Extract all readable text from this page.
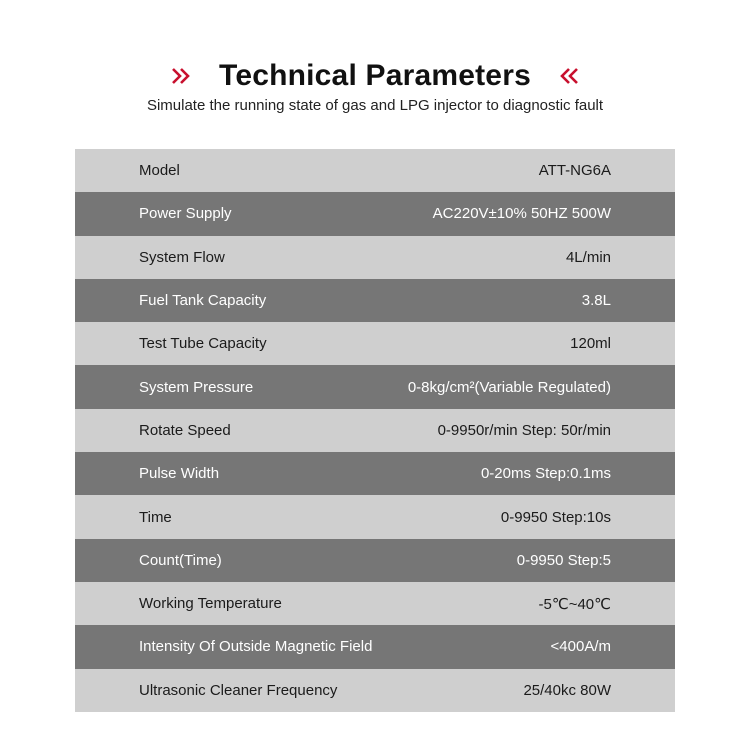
Technical Parameters
Simulate the running state of gas and LPG injector to diagnostic fault
Model	ATT-NG6A
Power Supply	AC220V±10% 50HZ 500W
System Flow	4L/min
Fuel Tank Capacity	3.8L
Test Tube Capacity	120ml
System Pressure	0-8kg/cm²(Variable Regulated)
Rotate Speed	0-9950r/min Step: 50r/min
Pulse Width	0-20ms Step:0.1ms
Time	0-9950 Step:10s
Count(Time)	0-9950 Step:5
Working Temperature	-5℃~40℃
Intensity Of Outside Magnetic Field	<400A/m
Ultrasonic Cleaner Frequency	25/40kc 80W
